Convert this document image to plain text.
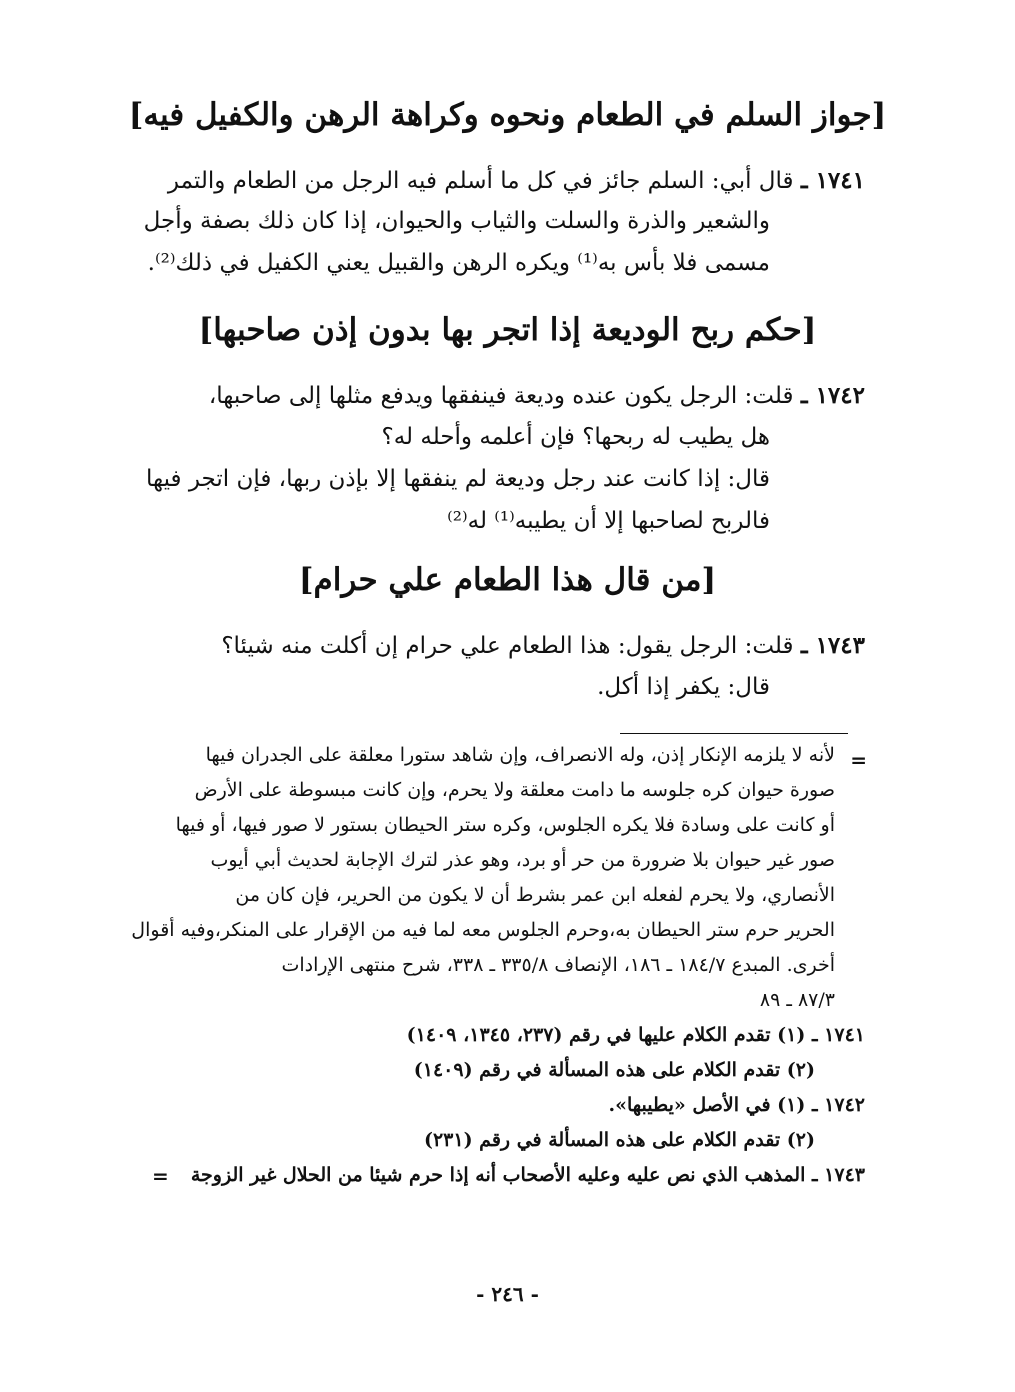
[جواز السلم في الطعام ونحوه وكراهة الرهن والكفيل فيه]
١٧٤١ ـ قال أبي: السلم جائز في كل ما أسلم فيه الرجل من الطعام والتمر
والشعير والذرة والسلت والثياب والحيوان، إذا كان ذلك بصفة وأجل
مسمى فلا بأس به⁽¹⁾ ويكره الرهن والقبيل يعني الكفيل في ذلك⁽²⁾.
[حكم ربح الوديعة إذا اتجر بها بدون إذن صاحبها]
١٧٤٢ ـ قلت: الرجل يكون عنده وديعة فينفقها ويدفع مثلها إلى صاحبها،
هل يطيب له ربحها؟ فإن أعلمه وأحله له؟
قال: إذا كانت عند رجل وديعة لم ينفقها إلا بإذن ربها، فإن اتجر فيها
فالربح لصاحبها إلا أن يطيبه⁽¹⁾ له⁽²⁾
[من قال هذا الطعام علي حرام]
١٧٤٣ ـ قلت: الرجل يقول: هذا الطعام علي حرام إن أكلت منه شيئا؟
قال: يكفر إذا أكل.
=
لأنه لا يلزمه الإنكار إذن، وله الانصراف، وإن شاهد ستورا معلقة على الجدران فيها
صورة حيوان كره جلوسه ما دامت معلقة ولا يحرم، وإن كانت مبسوطة على الأرض
أو كانت على وسادة فلا يكره الجلوس، وكره ستر الحيطان بستور لا صور فيها، أو فيها
صور غير حيوان بلا ضرورة من حر أو برد، وهو عذر لترك الإجابة لحديث أبي أيوب
الأنصاري، ولا يحرم لفعله ابن عمر بشرط أن لا يكون من الحرير، فإن كان من
الحرير حرم ستر الحيطان به،وحرم الجلوس معه لما فيه من الإقرار على المنكر،وفيه أقوال
أخرى. المبدع ١٨٤/٧ ـ ١٨٦، الإنصاف ٣٣٥/٨ ـ ٣٣٨، شرح منتهى الإرادات
٨٧/٣ ـ ٨٩
١٧٤١ ـ (١) تقدم الكلام عليها في رقم (٢٣٧، ١٣٤٥، ١٤٠٩)
(٢) تقدم الكلام على هذه المسألة في رقم (١٤٠٩)
١٧٤٢ ـ (١) في الأصل «يطيبها».
(٢) تقدم الكلام على هذه المسألة في رقم (٢٣١)
١٧٤٣ ـ المذهب الذي نص عليه وعليه الأصحاب أنه إذا حرم شيئا من الحلال غير الزوجة
=
- ٢٤٦ -
